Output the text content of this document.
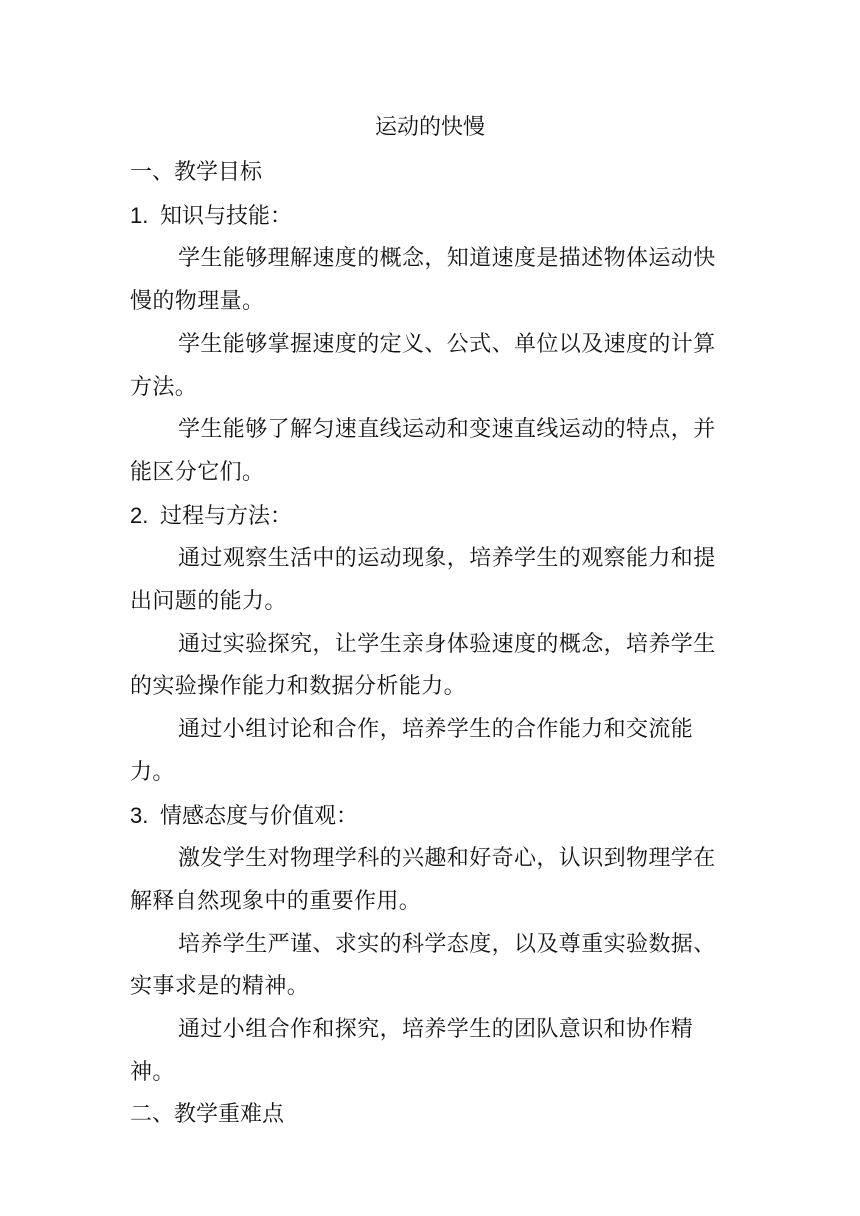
运动的快慢

一、教学目标

1. 知识与技能：

学生能够理解速度的概念，知道速度是描述物体运动快慢的物理量。

学生能够掌握速度的定义、公式、单位以及速度的计算方法。

学生能够了解匀速直线运动和变速直线运动的特点，并能区分它们。

2. 过程与方法：

通过观察生活中的运动现象，培养学生的观察能力和提出问题的能力。

通过实验探究，让学生亲身体验速度的概念，培养学生的实验操作能力和数据分析能力。

通过小组讨论和合作，培养学生的合作能力和交流能力。

3. 情感态度与价值观：

激发学生对物理学科的兴趣和好奇心，认识到物理学在解释自然现象中的重要作用。

培养学生严谨、求实的科学态度，以及尊重实验数据、实事求是的精神。

通过小组合作和探究，培养学生的团队意识和协作精神。

二、教学重难点
